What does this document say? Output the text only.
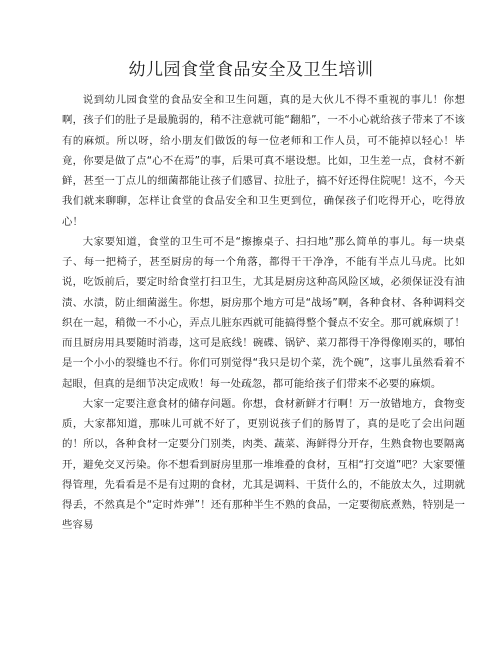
幼儿园食堂食品安全及卫生培训

说到幼儿园食堂的食品安全和卫生问题，真的是大伙儿不得不重视的事儿！你想啊，孩子们的肚子是最脆弱的，稍不注意就可能“翻船”，一不小心就给孩子带来了不该有的麻烦。所以呀，给小朋友们做饭的每一位老师和工作人员，可不能掉以轻心！毕竟，你要是做了点“心不在焉”的事，后果可真不堪设想。比如，卫生差一点，食材不新鲜，甚至一丁点儿的细菌都能让孩子们感冒、拉肚子，搞不好还得住院呢！这不，今天我们就来聊聊，怎样让食堂的食品安全和卫生更到位，确保孩子们吃得开心，吃得放心！

大家要知道，食堂的卫生可不是“擦擦桌子、扫扫地”那么简单的事儿。每一块桌子、每一把椅子，甚至厨房的每一个角落，都得干干净净，不能有半点儿马虎。比如说，吃饭前后，要定时给食堂打扫卫生，尤其是厨房这种高风险区域，必须保证没有油渍、水渍，防止细菌滋生。你想，厨房那个地方可是“战场”啊，各种食材、各种调料交织在一起，稍微一不小心，弄点儿脏东西就可能搞得整个餐点不安全。那可就麻烦了！而且厨房用具要随时消毒，这可是底线！碗碟、锅铲、菜刀都得干净得像刚买的，哪怕是一个小小的裂缝也不行。你们可别觉得“我只是切个菜，洗个碗”，这事儿虽然看着不起眼，但真的是细节决定成败！每一处疏忽，都可能给孩子们带来不必要的麻烦。

大家一定要注意食材的储存问题。你想，食材新鲜才行啊！万一放错地方，食物变质，大家都知道，那味儿可就不好了，更别说孩子们的肠胃了，真的是吃了会出问题的！所以，各种食材一定要分门别类，肉类、蔬菜、海鲜得分开存，生熟食物也要隔离开，避免交叉污染。你不想看到厨房里那一堆堆叠的食材，互相“打交道”吧？大家要懂得管理，先看看是不是有过期的食材，尤其是调料、干货什么的，不能放太久，过期就得丢，不然真是个“定时炸弹”！还有那种半生不熟的食品，一定要彻底煮熟，特别是一些容易
